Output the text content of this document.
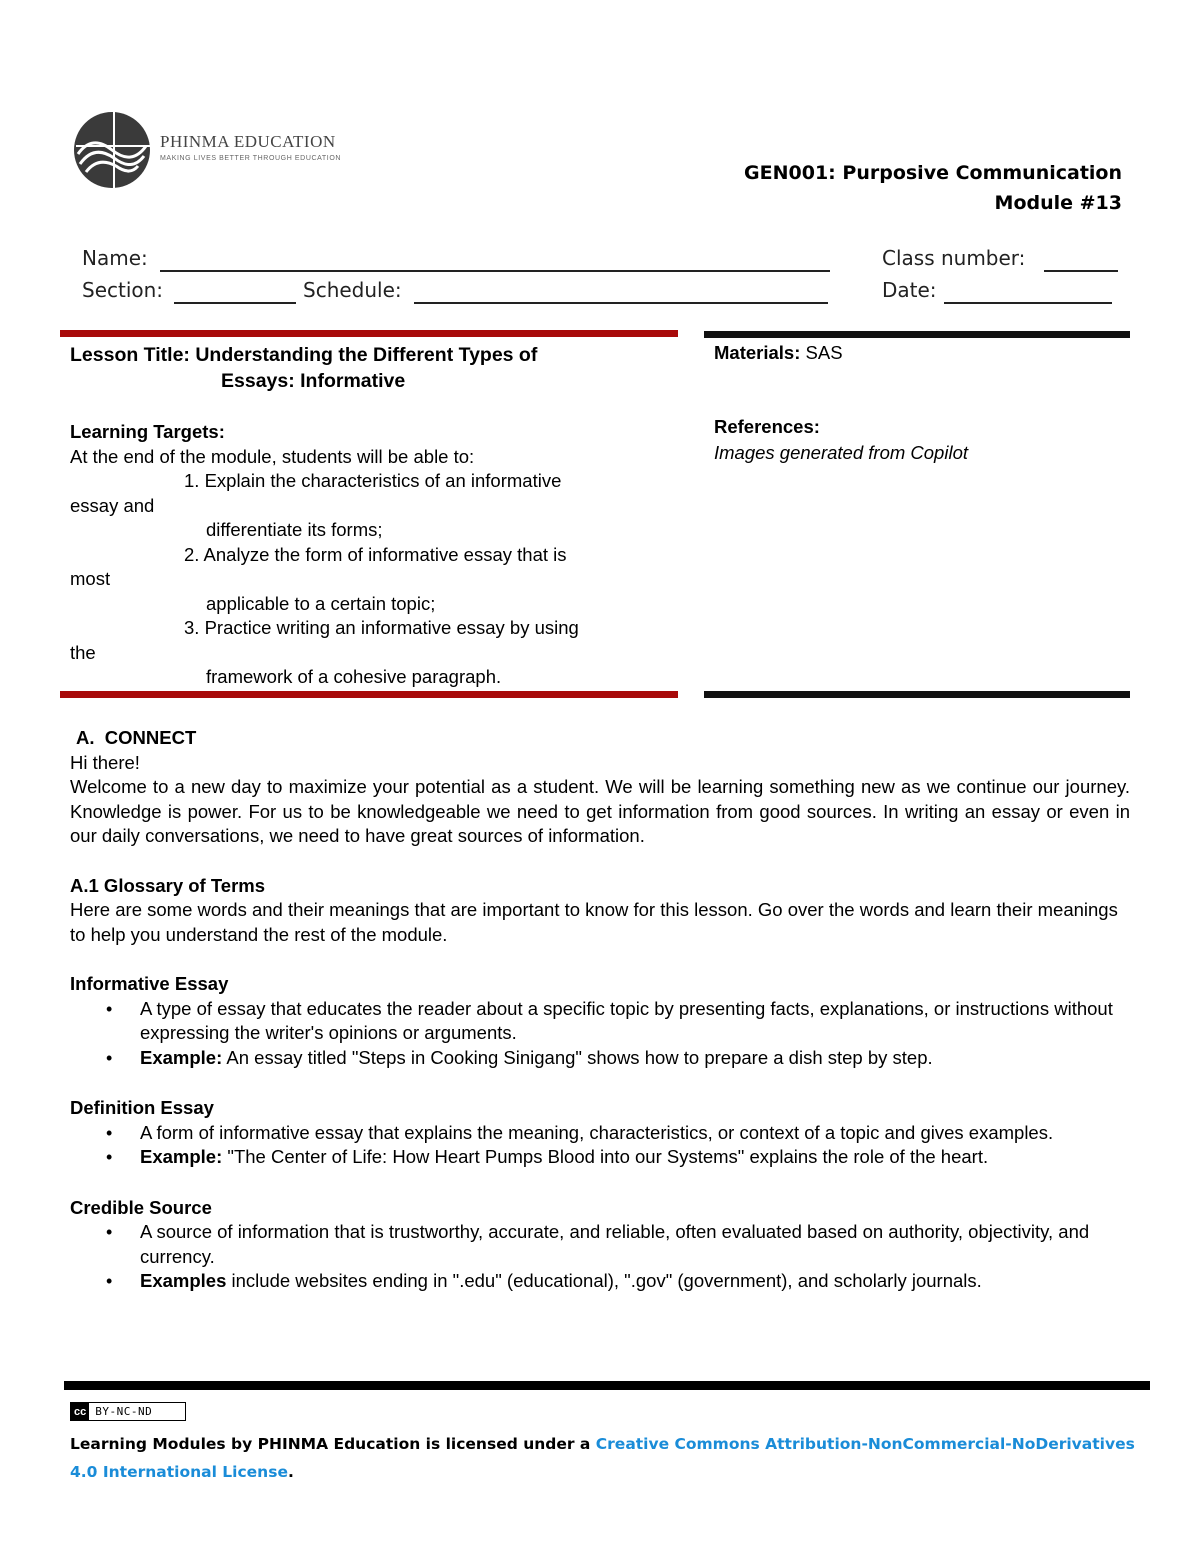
PHINMA EDUCATION
MAKING LIVES BETTER THROUGH EDUCATION
GEN001: Purposive Communication
Module #13
Name:	Class number:
Section:	Schedule:	Date:
Lesson Title: Understanding the Different Types of
Essays: Informative
Learning Targets:
At the end of the module, students will be able to:
1. Explain the characteristics of an informative
essay and
differentiate its forms;
2. Analyze the form of informative essay that is
most
applicable to a certain topic;
3. Practice writing an informative essay by using
the
framework of a cohesive paragraph.
Materials: SAS
References:
Images generated from Copilot
A.  CONNECT
Hi there!
Welcome to a new day to maximize your potential as a student. We will be learning something new as we continue our journey. Knowledge is power. For us to be knowledgeable we need to get information from good sources. In writing an essay or even in our daily conversations, we need to have great sources of information.
A.1 Glossary of Terms
Here are some words and their meanings that are important to know for this lesson. Go over the words and learn their meanings to help you understand the rest of the module.
Informative Essay
• A type of essay that educates the reader about a specific topic by presenting facts, explanations, or instructions without expressing the writer's opinions or arguments.
• Example: An essay titled "Steps in Cooking Sinigang" shows how to prepare a dish step by step.
Definition Essay
• A form of informative essay that explains the meaning, characteristics, or context of a topic and gives examples.
• Example: "The Center of Life: How Heart Pumps Blood into our Systems" explains the role of the heart.
Credible Source
• A source of information that is trustworthy, accurate, and reliable, often evaluated based on authority, objectivity, and currency.
• Examples include websites ending in ".edu" (educational), ".gov" (government), and scholarly journals.
cc BY-NC-ND
Learning Modules by PHINMA Education is licensed under a Creative Commons Attribution-NonCommercial-NoDerivatives 4.0 International License.
